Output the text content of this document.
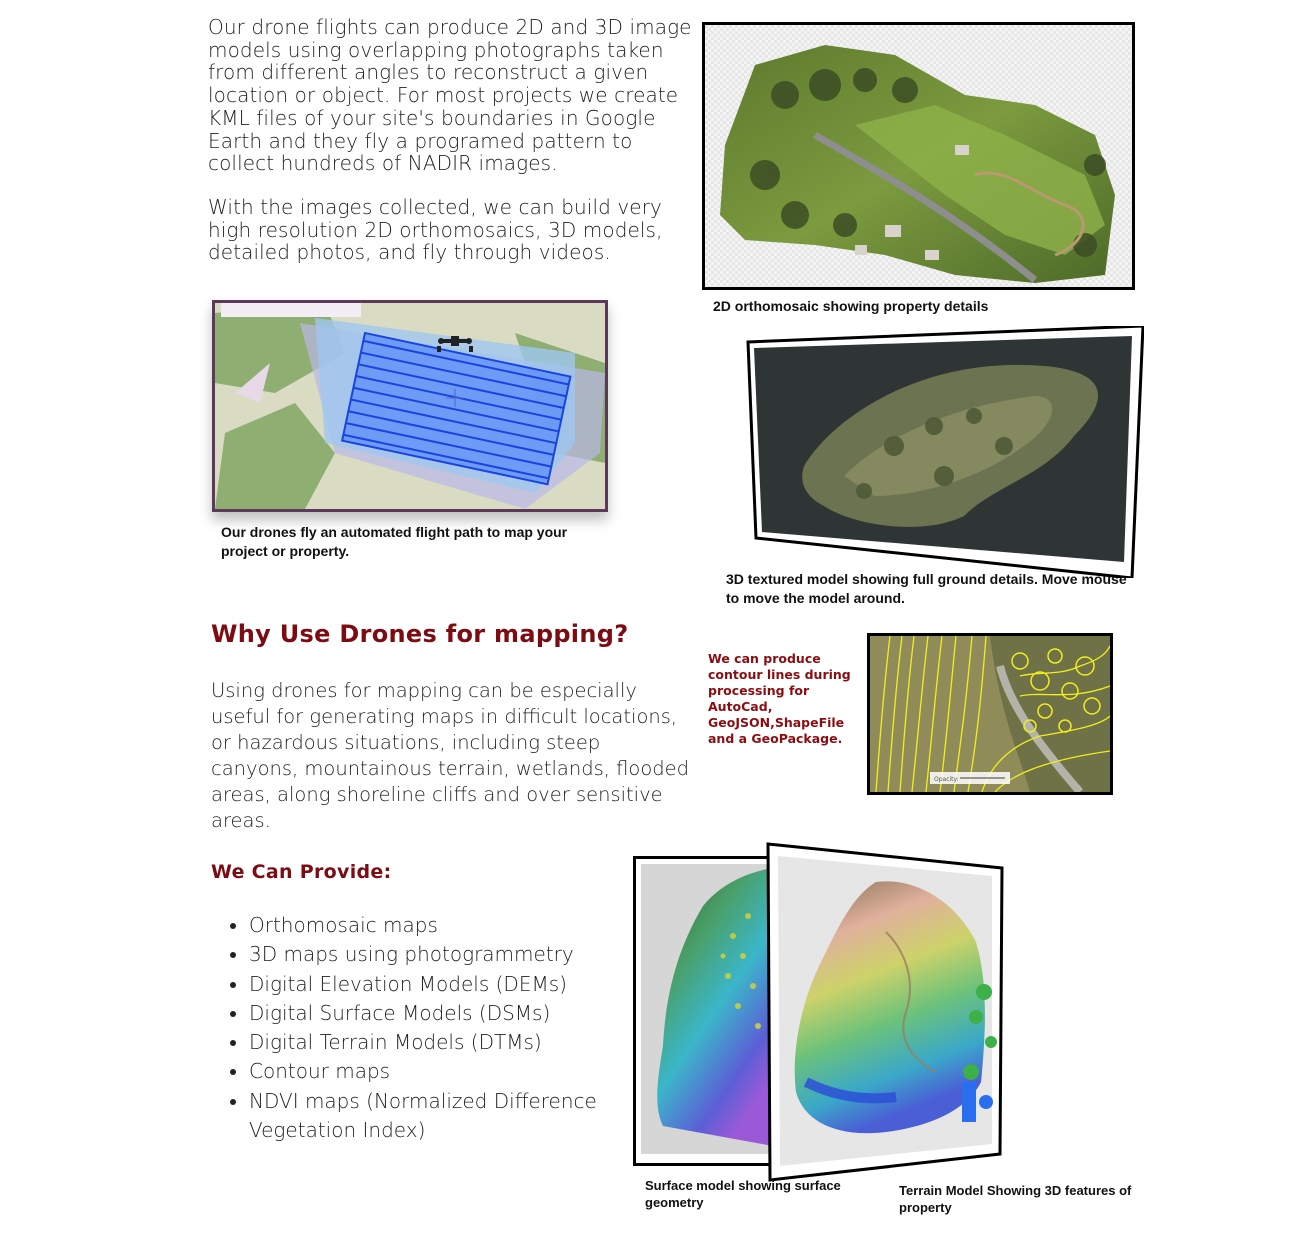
Our drone flights can produce 2D and 3D image models using overlapping photographs taken from different angles to reconstruct a given location or object. For most projects we create KML files of your site's boundaries in Google Earth and they fly a programed pattern to collect hundreds of NADIR images.
With the images collected, we can build very high resolution 2D orthomosaics, 3D models, detailed photos, and fly through videos.
2D orthomosaic showing property details
Our drones fly an automated flight path to map your project or property.
3D textured model showing full ground details. Move mouse to move the model around.
Why Use Drones for mapping?
Using drones for mapping can be especially useful for generating maps in difficult locations, or hazardous situations, including steep canyons, mountainous terrain, wetlands, flooded areas, along shoreline cliffs and over sensitive areas.
We can produce contour lines during processing for AutoCad, GeoJSON,ShapeFile and a GeoPackage.
Opacity:
We Can Provide:
• Orthomosaic maps
• 3D maps using photogrammetry
• Digital Elevation Models (DEMs)
• Digital Surface Models (DSMs)
• Digital Terrain Models (DTMs)
• Contour maps
• NDVI maps (Normalized Difference Vegetation Index)
Surface model showing surface geometry
Terrain Model Showing 3D features of property
